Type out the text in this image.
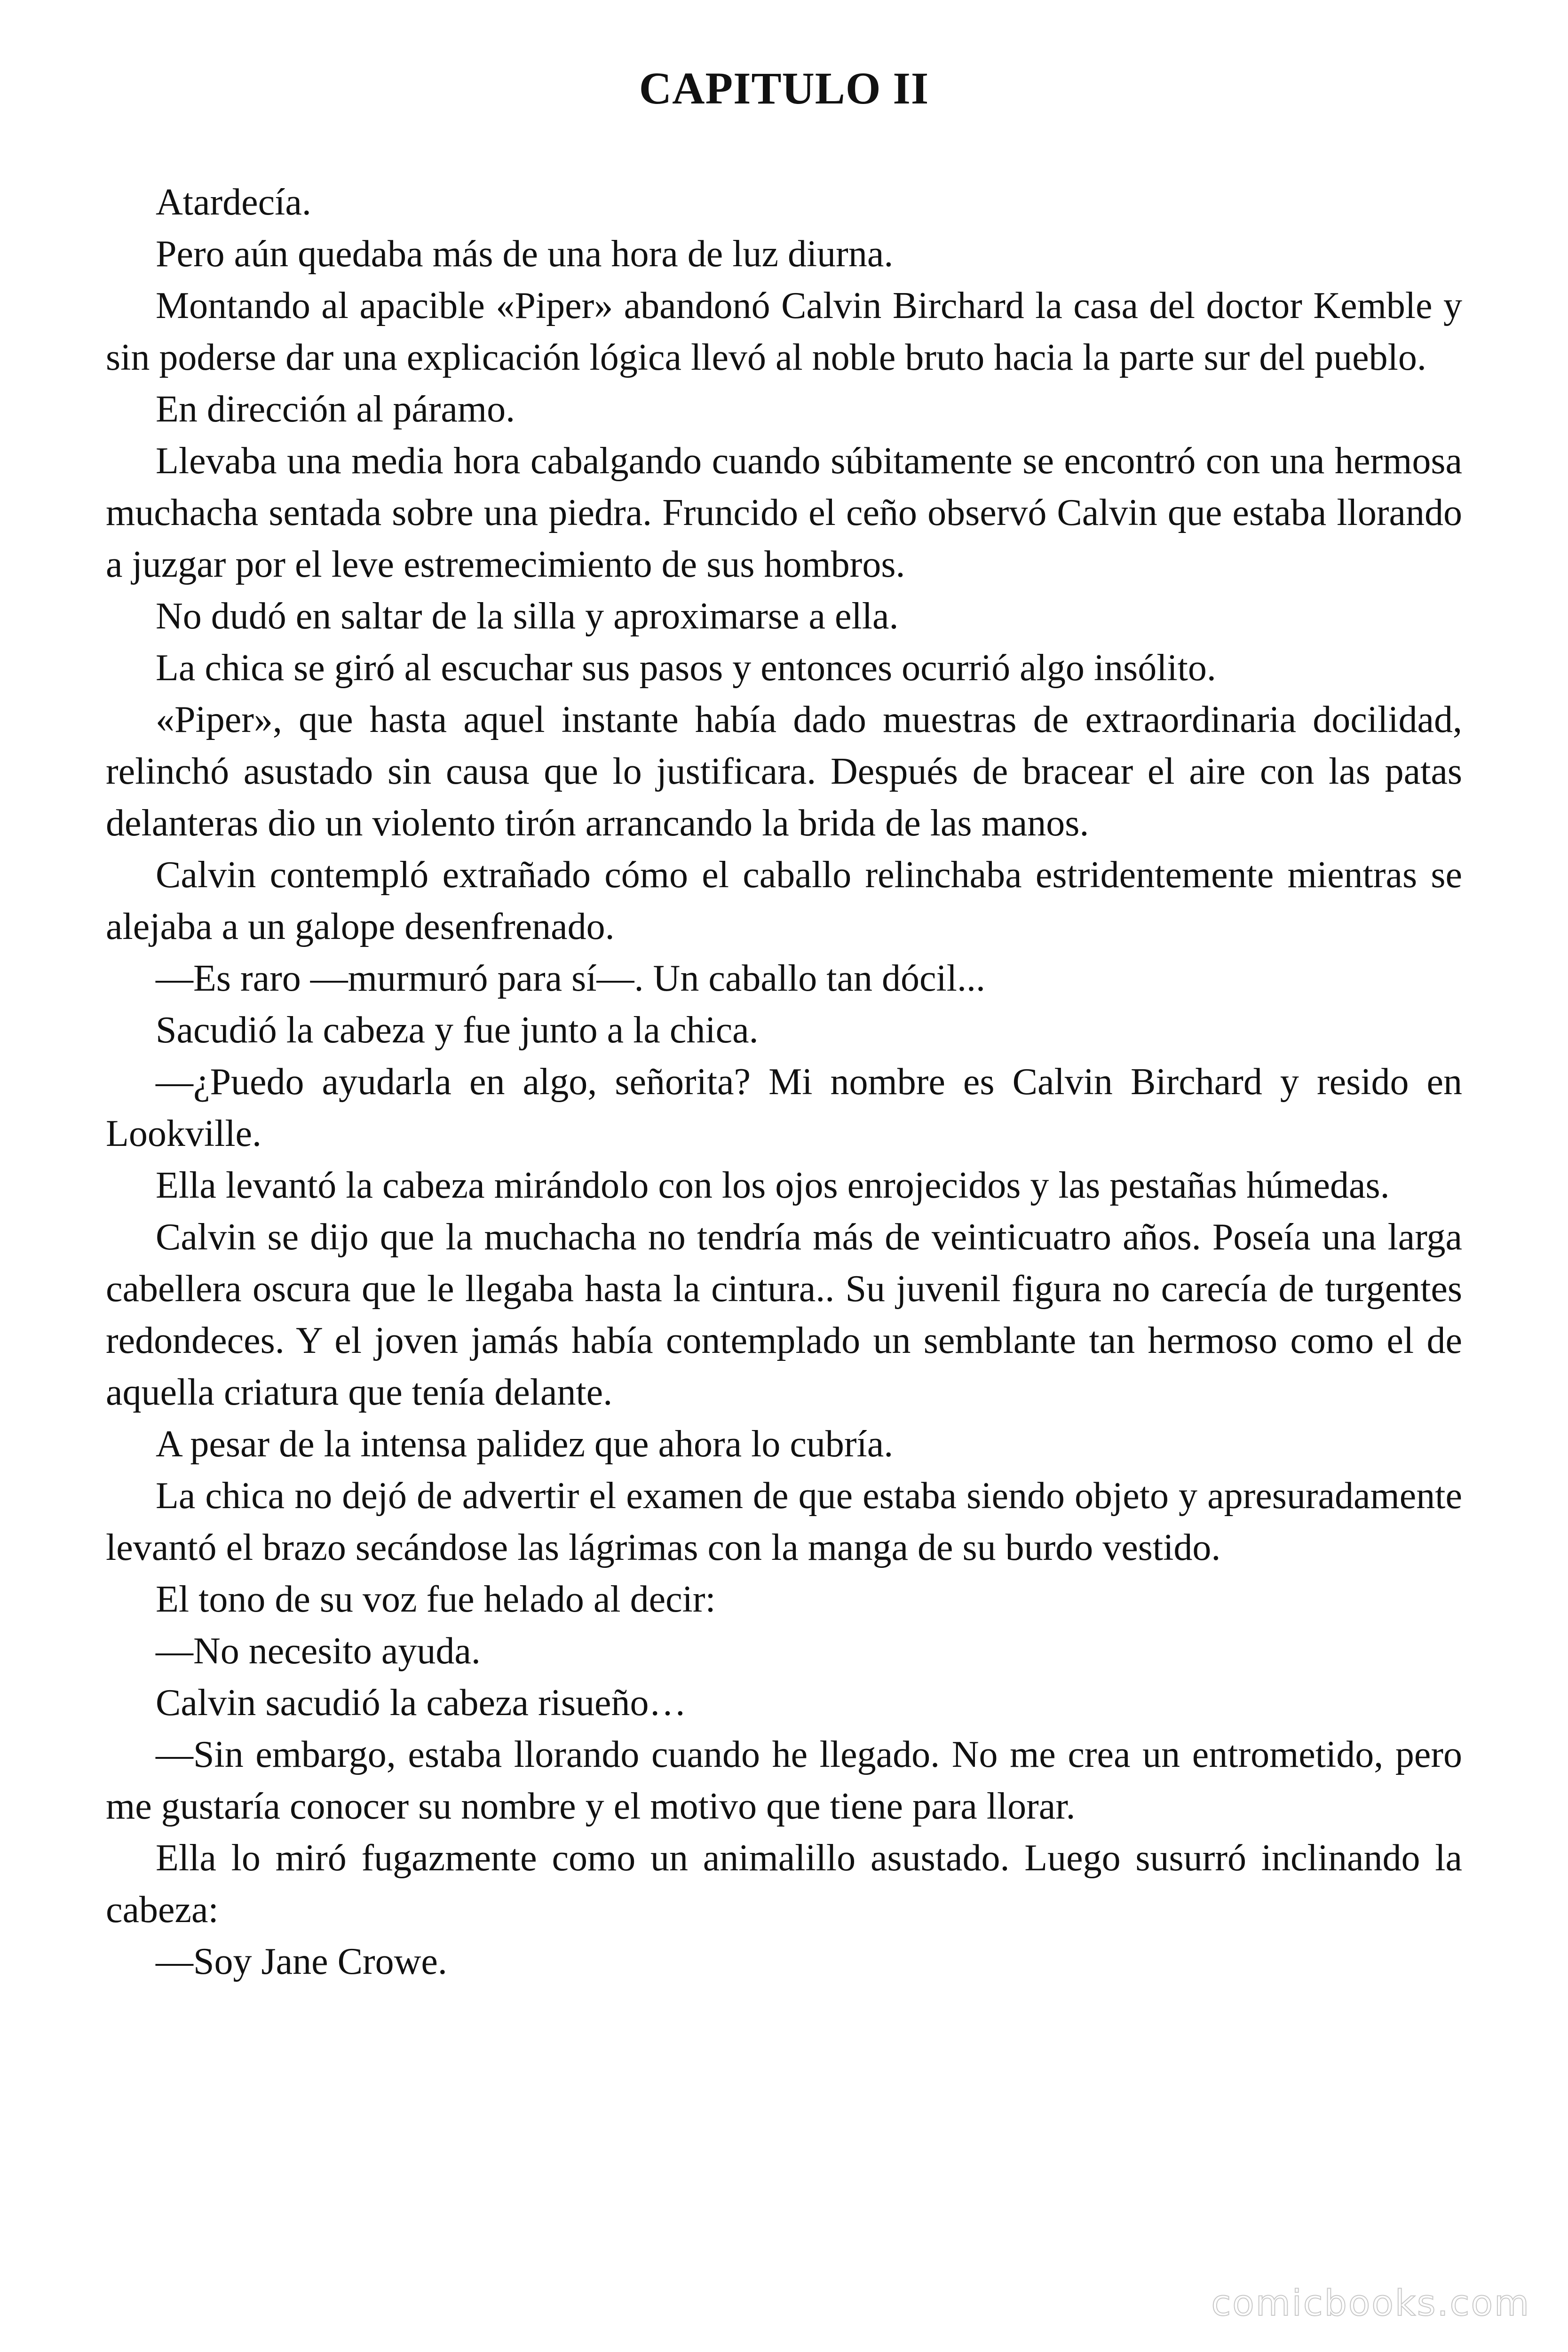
CAPITULO II

Atardecía.

Pero aún quedaba más de una hora de luz diurna.

Montando al apacible «Piper» abandonó Calvin Birchard la casa del doctor Kemble y sin poderse dar una explicación lógica llevó al noble bruto hacia la parte sur del pueblo.

En dirección al páramo.

Llevaba una media hora cabalgando cuando súbitamente se encontró con una hermosa muchacha sentada sobre una piedra. Fruncido el ceño observó Calvin que estaba llorando a juzgar por el leve estremecimiento de sus hombros.

No dudó en saltar de la silla y aproximarse a ella.

La chica se giró al escuchar sus pasos y entonces ocurrió algo insólito.

«Piper», que hasta aquel instante había dado muestras de extraordinaria docilidad, relinchó asustado sin causa que lo justificara. Después de bracear el aire con las patas delanteras dio un violento tirón arrancando la brida de las manos.

Calvin contempló extrañado cómo el caballo relinchaba estridentemente mientras se alejaba a un galope desenfrenado.

—Es raro —murmuró para sí—. Un caballo tan dócil...

Sacudió la cabeza y fue junto a la chica.

—¿Puedo ayudarla en algo, señorita? Mi nombre es Calvin Birchard y resido en Lookville.

Ella levantó la cabeza mirándolo con los ojos enrojecidos y las pestañas húmedas.

Calvin se dijo que la muchacha no tendría más de veinticuatro años. Poseía una larga cabellera oscura que le llegaba hasta la cintura.. Su juvenil figura no carecía de turgentes redondeces. Y el joven jamás había contemplado un semblante tan hermoso como el de aquella criatura que tenía delante.

A pesar de la intensa palidez que ahora lo cubría.

La chica no dejó de advertir el examen de que estaba siendo objeto y apresuradamente levantó el brazo secándose las lágrimas con la manga de su burdo vestido.

El tono de su voz fue helado al decir:

—No necesito ayuda.

Calvin sacudió la cabeza risueño…

—Sin embargo, estaba llorando cuando he llegado. No me crea un entrometido, pero me gustaría conocer su nombre y el motivo que tiene para llorar.

Ella lo miró fugazmente como un animalillo asustado. Luego susurró inclinando la cabeza:

—Soy Jane Crowe.

comicbooks.com
